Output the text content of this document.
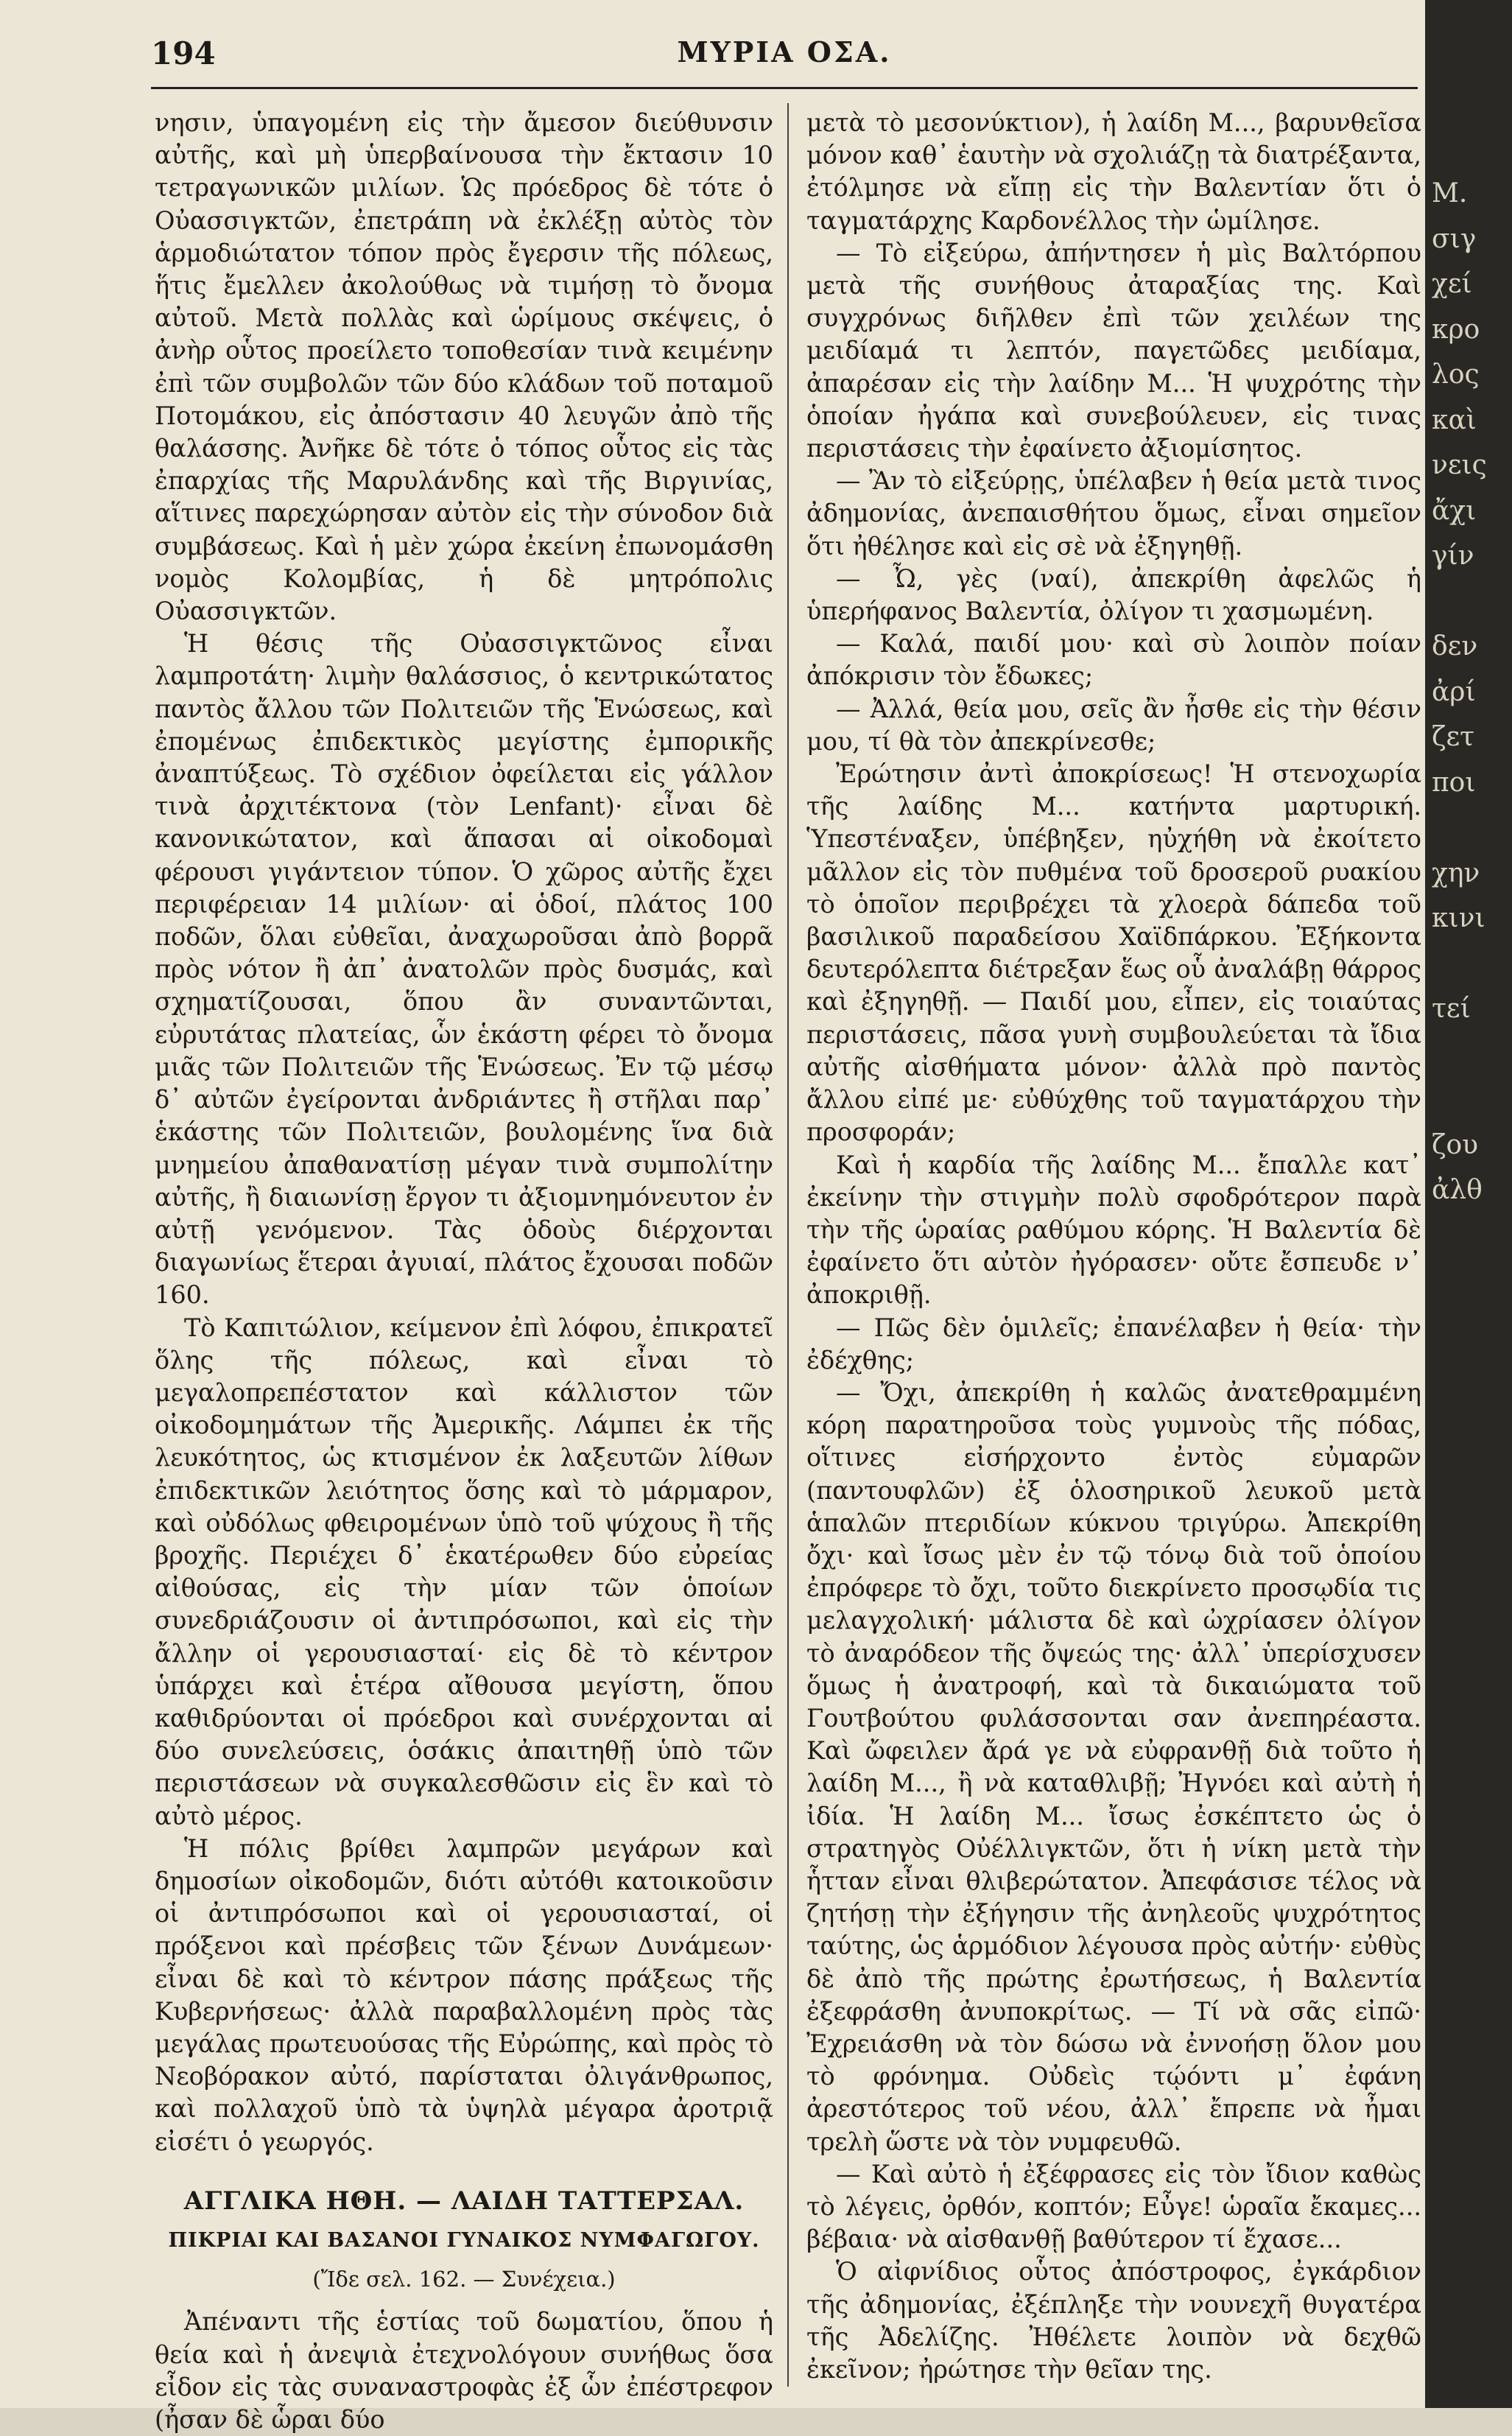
194	ΜΥΡΙΑ ΟΣΑ.

νησιν, ὑπαγομένη εἰς τὴν ἄμεσον διεύθυνσιν αὐτῆς, καὶ μὴ ὑπερβαίνουσα τὴν ἔκτασιν 10 τετραγωνικῶν μιλίων. Ὡς πρόεδρος δὲ τότε ὁ Οὐασσιγκτῶν, ἐπετράπη νὰ ἐκλέξῃ αὐτὸς τὸν ἁρμοδιώτατον τόπον πρὸς ἔγερσιν τῆς πόλεως, ἥτις ἔμελλεν ἀκολούθως νὰ τιμήσῃ τὸ ὄνομα αὐτοῦ. Μετὰ πολλὰς καὶ ὡρίμους σκέψεις, ὁ ἀνὴρ οὗτος προείλετο τοποθεσίαν τινὰ κειμένην ἐπὶ τῶν συμβολῶν τῶν δύο κλάδων τοῦ ποταμοῦ Ποτομάκου, εἰς ἀπόστασιν 40 λευγῶν ἀπὸ τῆς θαλάσσης. Ἀνῆκε δὲ τότε ὁ τόπος οὗτος εἰς τὰς ἐπαρχίας τῆς Μαρυλάνδης καὶ τῆς Βιργινίας, αἵτινες παρεχώρησαν αὐτὸν εἰς τὴν σύνοδον διὰ συμβάσεως. Καὶ ἡ μὲν χώρα ἐκείνη ἐπωνομάσθη νομὸς Κολομβίας, ἡ δὲ μητρόπολις Οὐασσιγκτῶν.

Ἡ θέσις τῆς Οὐασσιγκτῶνος εἶναι λαμπροτάτη· λιμὴν θαλάσσιος, ὁ κεντρικώτατος παντὸς ἄλλου τῶν Πολιτειῶν τῆς Ἑνώσεως, καὶ ἐπομένως ἐπιδεκτικὸς μεγίστης ἐμπορικῆς ἀναπτύξεως. Τὸ σχέδιον ὀφείλεται εἰς γάλλον τινὰ ἀρχιτέκτονα (τὸν Lenfant)· εἶναι δὲ κανονικώτατον, καὶ ἅπασαι αἱ οἰκοδομαὶ φέρουσι γιγάντειον τύπον. Ὁ χῶρος αὐτῆς ἔχει περιφέρειαν 14 μιλίων· αἱ ὁδοί, πλάτος 100 ποδῶν, ὅλαι εὐθεῖαι, ἀναχωροῦσαι ἀπὸ βορρᾶ πρὸς νότον ἢ ἀπ᾽ ἀνατολῶν πρὸς δυσμάς, καὶ σχηματίζουσαι, ὅπου ἂν συναντῶνται, εὐρυτάτας πλατείας, ὧν ἑκάστη φέρει τὸ ὄνομα μιᾶς τῶν Πολιτειῶν τῆς Ἑνώσεως. Ἐν τῷ μέσῳ δ᾽ αὐτῶν ἐγείρονται ἀνδριάντες ἢ στῆλαι παρ᾽ ἑκάστης τῶν Πολιτειῶν, βουλομένης ἵνα διὰ μνημείου ἀπαθανατίσῃ μέγαν τινὰ συμπολίτην αὐτῆς, ἢ διαιωνίσῃ ἔργον τι ἀξιομνημόνευτον ἐν αὐτῇ γενόμενον. Τὰς ὁδοὺς διέρχονται διαγωνίως ἕτεραι ἀγυιαί, πλάτος ἔχουσαι ποδῶν 160.

Τὸ Καπιτώλιον, κείμενον ἐπὶ λόφου, ἐπικρατεῖ ὅλης τῆς πόλεως, καὶ εἶναι τὸ μεγαλοπρεπέστατον καὶ κάλλιστον τῶν οἰκοδομημάτων τῆς Ἀμερικῆς. Λάμπει ἐκ τῆς λευκότητος, ὡς κτισμένον ἐκ λαξευτῶν λίθων ἐπιδεκτικῶν λειότητος ὅσης καὶ τὸ μάρμαρον, καὶ οὐδόλως φθειρομένων ὑπὸ τοῦ ψύχους ἢ τῆς βροχῆς. Περιέχει δ᾽ ἑκατέρωθεν δύο εὐρείας αἰθούσας, εἰς τὴν μίαν τῶν ὁποίων συνεδριάζουσιν οἱ ἀντιπρόσωποι, καὶ εἰς τὴν ἄλλην οἱ γερουσιασταί· εἰς δὲ τὸ κέντρον ὑπάρχει καὶ ἑτέρα αἴθουσα μεγίστη, ὅπου καθιδρύονται οἱ πρόεδροι καὶ συνέρχονται αἱ δύο συνελεύσεις, ὁσάκις ἀπαιτηθῇ ὑπὸ τῶν περιστάσεων νὰ συγκαλεσθῶσιν εἰς ἓν καὶ τὸ αὐτὸ μέρος.

Ἡ πόλις βρίθει λαμπρῶν μεγάρων καὶ δημοσίων οἰκοδομῶν, διότι αὐτόθι κατοικοῦσιν οἱ ἀντιπρόσωποι καὶ οἱ γερουσιασταί, οἱ πρόξενοι καὶ πρέσβεις τῶν ξένων Δυνάμεων· εἶναι δὲ καὶ τὸ κέντρον πάσης πράξεως τῆς Κυβερνήσεως· ἀλλὰ παραβαλλομένη πρὸς τὰς μεγάλας πρωτευούσας τῆς Εὐρώπης, καὶ πρὸς τὸ Νεοβόρακον αὐτό, παρίσταται ὀλιγάνθρωπος, καὶ πολλαχοῦ ὑπὸ τὰ ὑψηλὰ μέγαρα ἀροτριᾷ εἰσέτι ὁ γεωργός.

ΑΓΓΛΙΚΑ ΗΘΗ. — ΛΑΙΔΗ ΤΑΤΤΕΡΣΑΛ.
ΠΙΚΡΙΑΙ ΚΑΙ ΒΑΣΑΝΟΙ ΓΥΝΑΙΚΟΣ ΝΥΜΦΑΓΩΓΟΥ.
(Ἴδε σελ. 162. — Συνέχεια.)

Ἀπέναντι τῆς ἑστίας τοῦ δωματίου, ὅπου ἡ θεία καὶ ἡ ἀνεψιὰ ἐτεχνολόγουν συνήθως ὅσα εἶδον εἰς τὰς συναναστροφὰς ἐξ ὧν ἐπέστρεφον (ἦσαν δὲ ὧραι δύο

μετὰ τὸ μεσονύκτιον), ἡ λαίδη Μ..., βαρυνθεῖσα μόνον καθ᾽ ἑαυτὴν νὰ σχολιάζῃ τὰ διατρέξαντα, ἐτόλμησε νὰ εἴπῃ εἰς τὴν Βαλεντίαν ὅτι ὁ ταγματάρχης Καρδονέλλος τὴν ὡμίλησε.

— Τὸ εἰξεύρω, ἀπήντησεν ἡ μὶς Βαλτόρπου μετὰ τῆς συνήθους ἀταραξίας της. Καὶ συγχρόνως διῆλθεν ἐπὶ τῶν χειλέων της μειδίαμά τι λεπτόν, παγετῶδες μειδίαμα, ἀπαρέσαν εἰς τὴν λαίδην Μ... Ἡ ψυχρότης τὴν ὁποίαν ἠγάπα καὶ συνεβούλευεν, εἰς τινας περιστάσεις τὴν ἐφαίνετο ἀξιομίσητος.

— Ἂν τὸ εἰξεύρῃς, ὑπέλαβεν ἡ θεία μετὰ τινος ἀδημονίας, ἀνεπαισθήτου ὅμως, εἶναι σημεῖον ὅτι ἠθέλησε καὶ εἰς σὲ νὰ ἐξηγηθῇ.

— Ὦ, γὲς (ναί), ἀπεκρίθη ἀφελῶς ἡ ὑπερήφανος Βαλεντία, ὀλίγον τι χασμωμένη.

— Καλά, παιδί μου· καὶ σὺ λοιπὸν ποίαν ἀπόκρισιν τὸν ἔδωκες;

— Ἀλλά, θεία μου, σεῖς ἂν ἦσθε εἰς τὴν θέσιν μου, τί θὰ τὸν ἀπεκρίνεσθε;

Ἐρώτησιν ἀντὶ ἀποκρίσεως! Ἡ στενοχωρία τῆς λαίδης Μ... κατήντα μαρτυρική. Ὑπεστέναξεν, ὑπέβηξεν, ηὐχήθη νὰ ἐκοίτετο μᾶλλον εἰς τὸν πυθμένα τοῦ δροσεροῦ ρυακίου τὸ ὁποῖον περιβρέχει τὰ χλοερὰ δάπεδα τοῦ βασιλικοῦ παραδείσου Χαϊδπάρκου. Ἐξήκοντα δευτερόλεπτα διέτρεξαν ἕως οὗ ἀναλάβῃ θάρρος καὶ ἐξηγηθῇ. — Παιδί μου, εἶπεν, εἰς τοιαύτας περιστάσεις, πᾶσα γυνὴ συμβουλεύεται τὰ ἴδια αὐτῆς αἰσθήματα μόνον· ἀλλὰ πρὸ παντὸς ἄλλου εἰπέ με· εὐθύχθης τοῦ ταγματάρχου τὴν προσφοράν;

Καὶ ἡ καρδία τῆς λαίδης Μ... ἔπαλλε κατ᾽ ἐκείνην τὴν στιγμὴν πολὺ σφοδρότερον παρὰ τὴν τῆς ὡραίας ραθύμου κόρης. Ἡ Βαλεντία δὲ ἐφαίνετο ὅτι αὐτὸν ἠγόρασεν· οὔτε ἔσπευδε ν᾽ ἀποκριθῇ.

— Πῶς δὲν ὁμιλεῖς; ἐπανέλαβεν ἡ θεία· τὴν ἐδέχθης;

— Ὄχι, ἀπεκρίθη ἡ καλῶς ἀνατεθραμμένη κόρη παρατηροῦσα τοὺς γυμνοὺς τῆς πόδας, οἵτινες εἰσήρχοντο ἐντὸς εὐμαρῶν (παντουφλῶν) ἐξ ὁλοσηρικοῦ λευκοῦ μετὰ ἁπαλῶν πτεριδίων κύκνου τριγύρω. Ἀπεκρίθη ὄχι· καὶ ἴσως μὲν ἐν τῷ τόνῳ διὰ τοῦ ὁποίου ἐπρόφερε τὸ ὄχι, τοῦτο διεκρίνετο προσῳδία τις μελαγχολική· μάλιστα δὲ καὶ ὠχρίασεν ὀλίγον τὸ ἀναρόδεον τῆς ὄψεώς της· ἀλλ᾽ ὑπερίσχυσεν ὅμως ἡ ἀνατροφή, καὶ τὰ δικαιώματα τοῦ Γουτβούτου φυλάσσονται σαν ἀνεπηρέαστα. Καὶ ὤφειλεν ἄρά γε νὰ εὐφρανθῇ διὰ τοῦτο ἡ λαίδη Μ..., ἢ νὰ καταθλιβῇ; Ἠγνόει καὶ αὐτὴ ἡ ἰδία. Ἡ λαίδη Μ... ἴσως ἐσκέπτετο ὡς ὁ στρατηγὸς Οὐέλλιγκτῶν, ὅτι ἡ νίκη μετὰ τὴν ἧτταν εἶναι θλιβερώτατον. Ἀπεφάσισε τέλος νὰ ζητήσῃ τὴν ἐξήγησιν τῆς ἀνηλεοῦς ψυχρότητος ταύτης, ὡς ἁρμόδιον λέγουσα πρὸς αὐτήν· εὐθὺς δὲ ἀπὸ τῆς πρώτης ἐρωτήσεως, ἡ Βαλεντία ἐξεφράσθη ἀνυποκρίτως. — Τί νὰ σᾶς εἰπῶ· Ἐχρειάσθη νὰ τὸν δώσω νὰ ἐννοήσῃ ὅλον μου τὸ φρόνημα. Οὐδεὶς τῴόντι μ᾽ ἐφάνη ἀρεστότερος τοῦ νέου, ἀλλ᾽ ἔπρεπε νὰ ἦμαι τρελὴ ὥστε νὰ τὸν νυμφευθῶ.

— Καὶ αὐτὸ ἡ ἐξέφρασες εἰς τὸν ἴδιον καθὼς τὸ λέγεις, ὀρθόν, κοπτόν; Εὖγε! ὡραῖα ἔκαμες... βέβαια· νὰ αἰσθανθῇ βαθύτερον τί ἔχασε...

Ὁ αἰφνίδιος οὗτος ἀπόστροφος, ἐγκάρδιον τῆς ἀδημονίας, ἐξέπληξε τὴν νουνεχῆ θυγατέρα τῆς Ἀδελίζης. Ἠθέλετε λοιπὸν νὰ δεχθῶ ἐκεῖνον; ἠρώτησε τὴν θεῖαν της.

Μ.
σιγ
χεί
κρο
λος
καὶ
νεις
ἄχι
γίν

δεν
ἀρί
ζετ
ποι

χην
κινι

τεί

ζου
ἀλθ
